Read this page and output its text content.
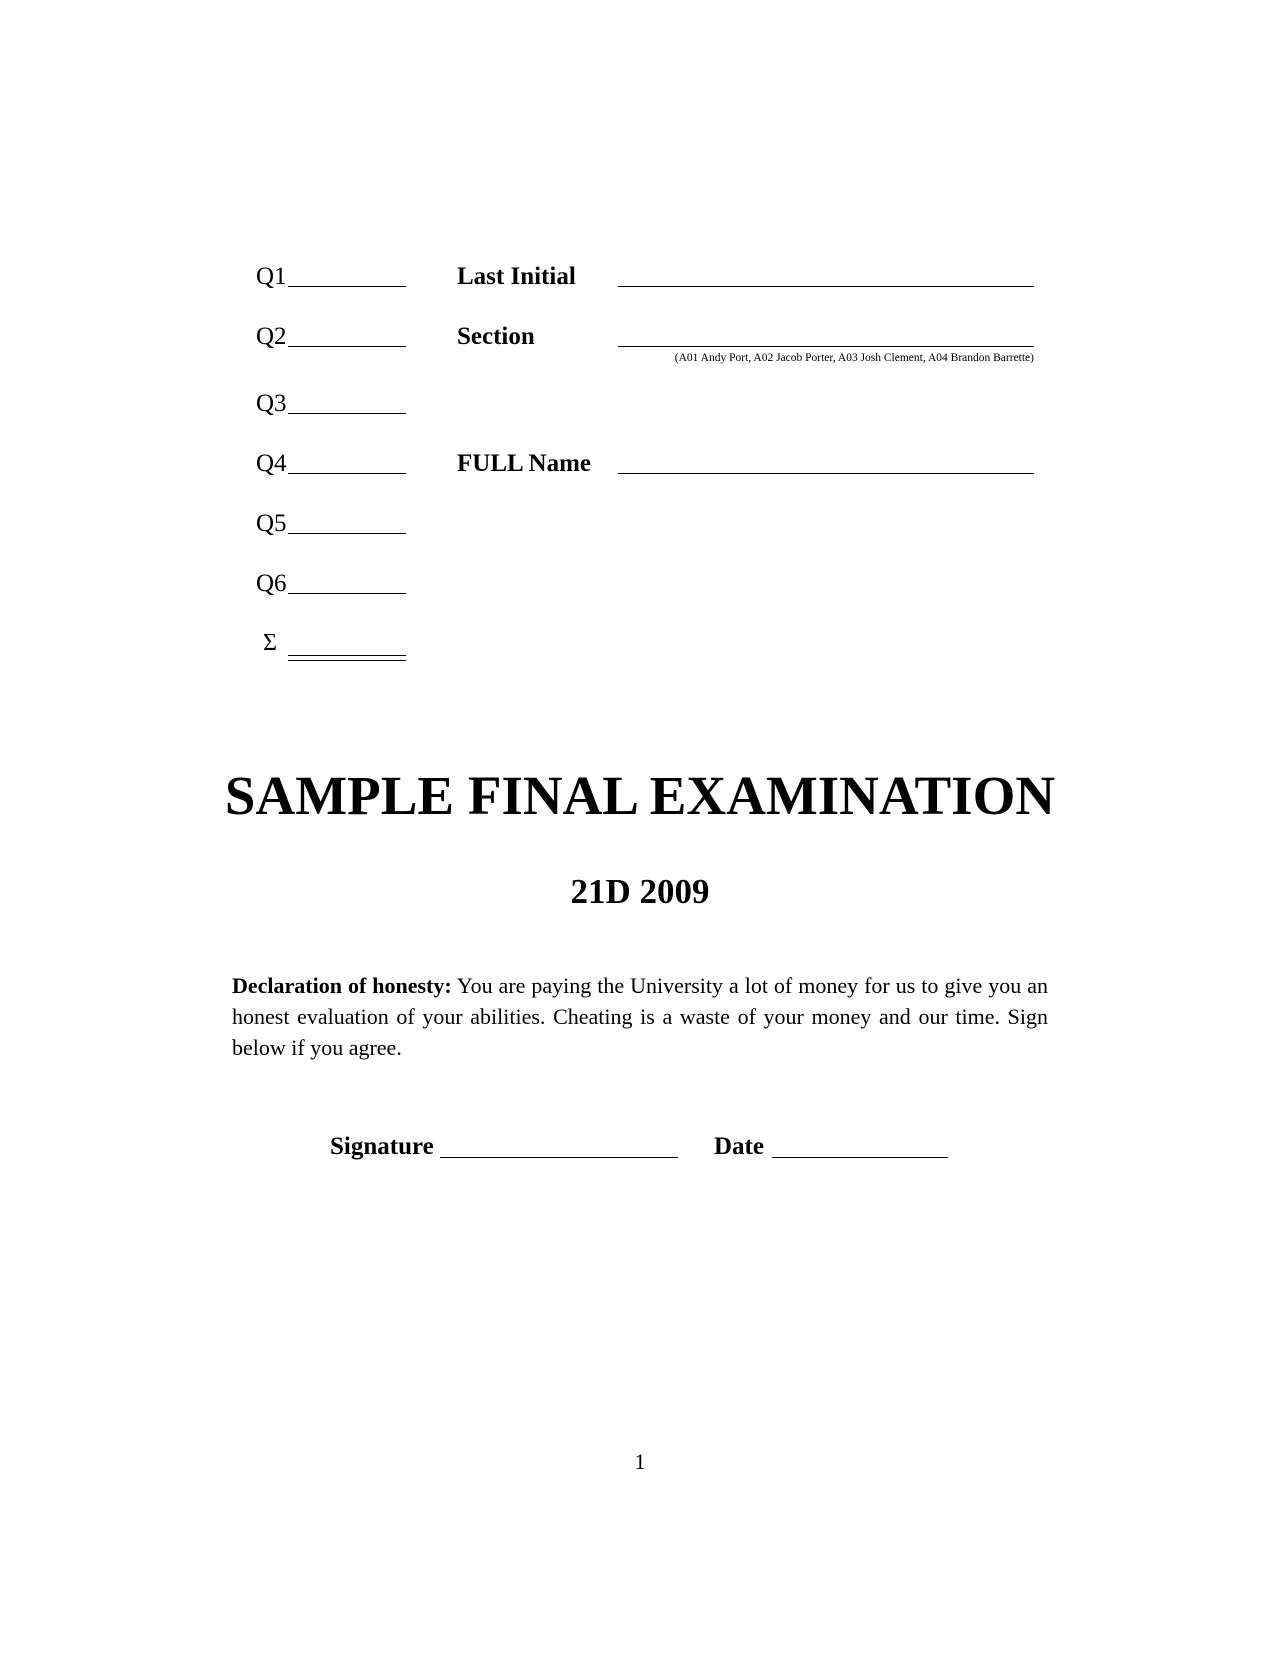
Q1
Q2
Q3
Q4
Q5
Q6
Σ
Last Initial
Section
(A01 Andy Port, A02 Jacob Porter, A03 Josh Clement, A04 Brandon Barrette)
FULL Name
SAMPLE FINAL EXAMINATION
21D 2009
Declaration of honesty: You are paying the University a lot of money for us to give you an honest evaluation of your abilities. Cheating is a waste of your money and our time. Sign below if you agree.
Signature	Date
1
